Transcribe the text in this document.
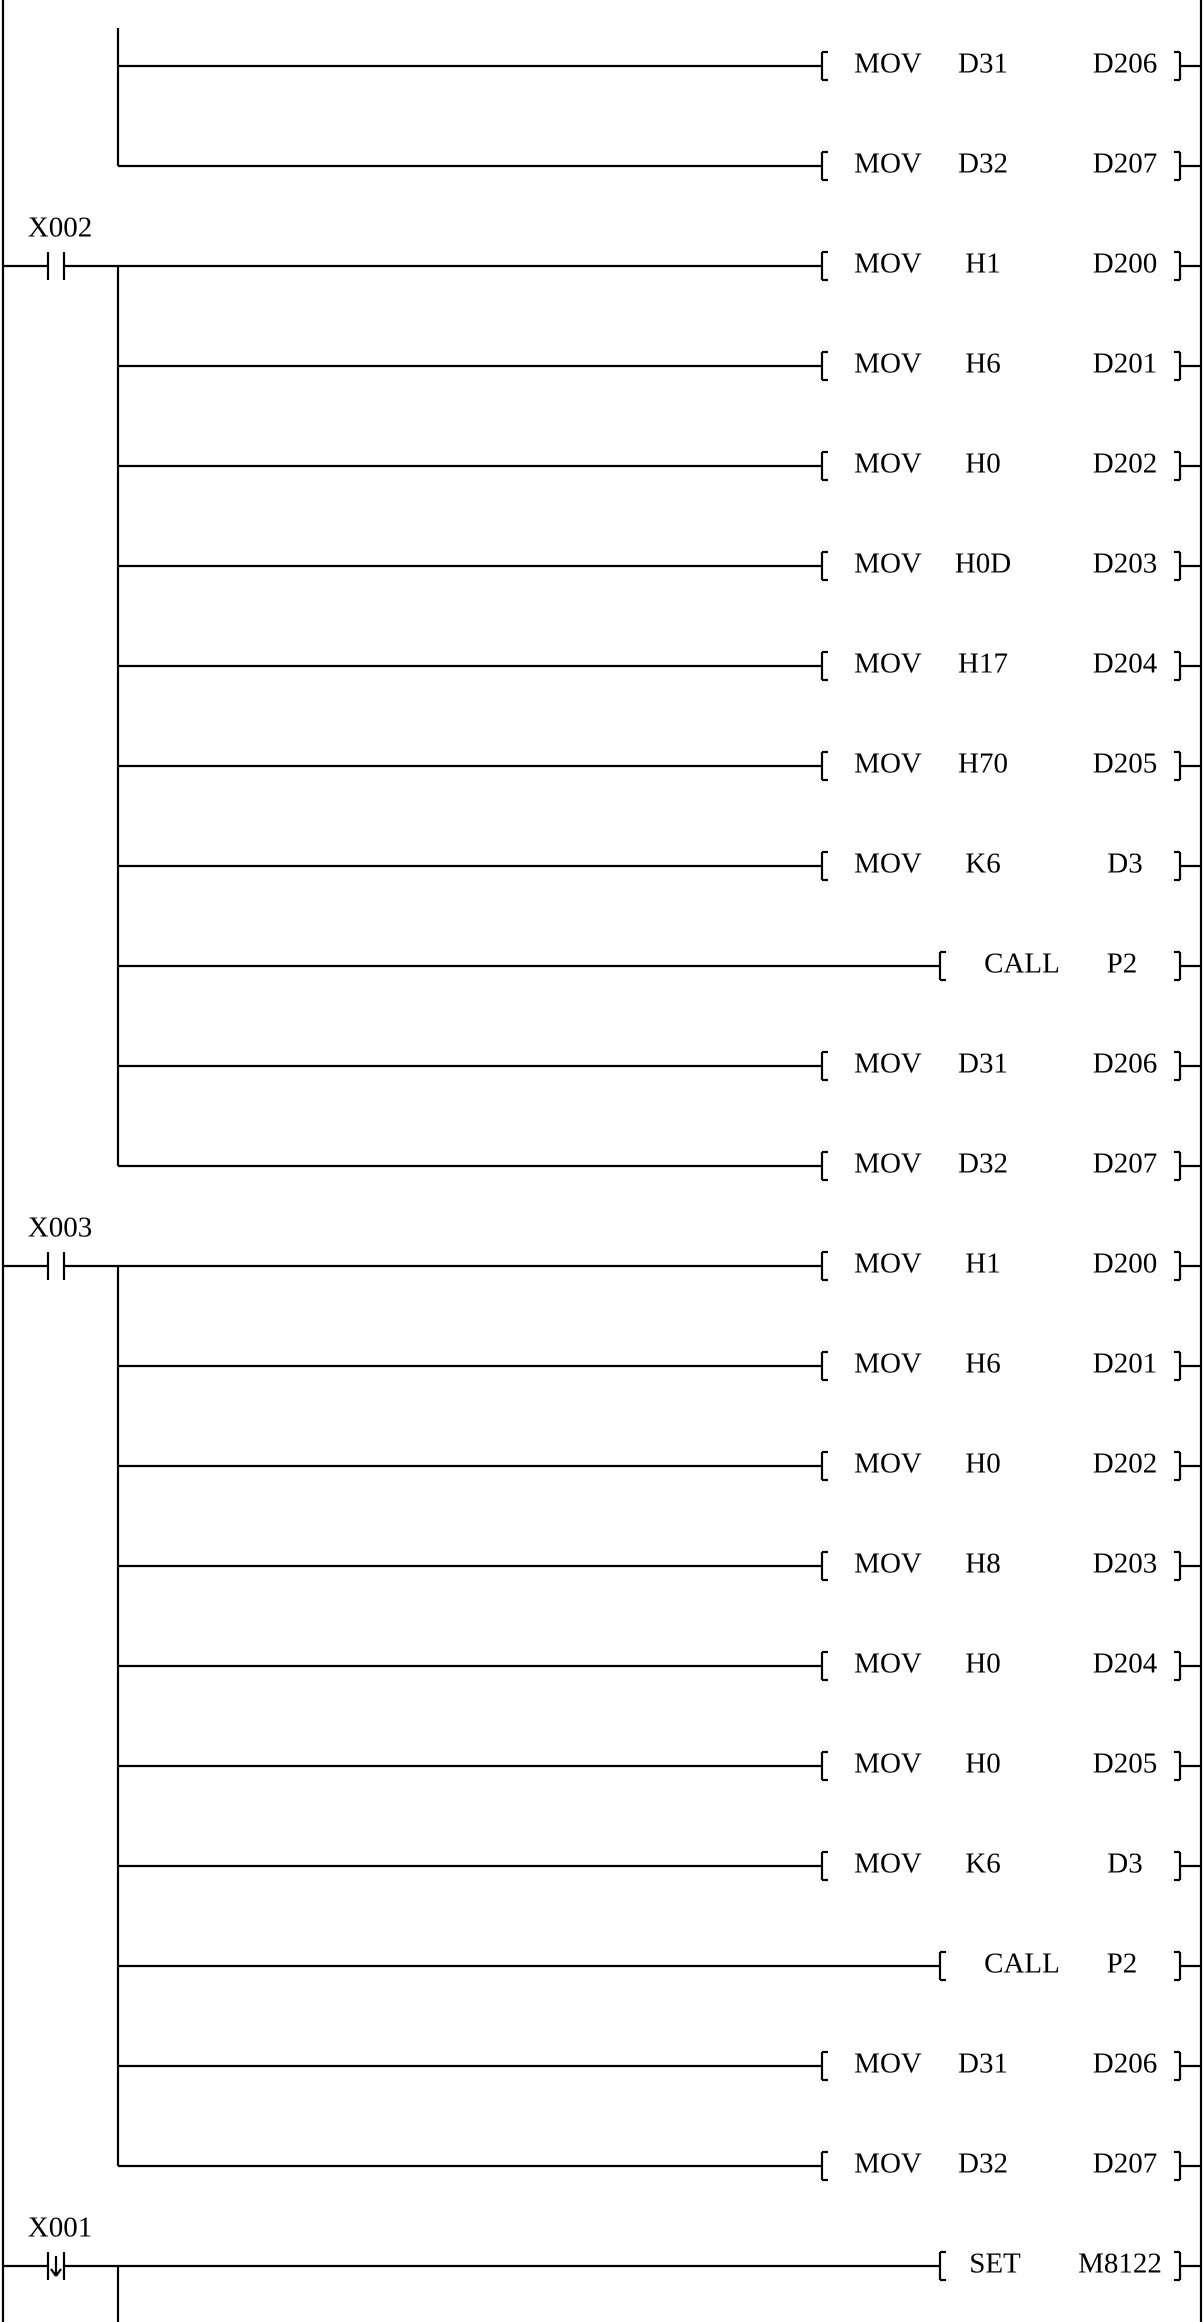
MOV D31	D206
MOV D32	D207
X002
MOV H1	D200
MOV H6	D201
MOV H0	D202
MOV H0D	D203
MOV H17	D204
MOV H70	D205
MOV K6	D3
CALL P2
MOV D31	D206
MOV D32	D207
X003
MOV H1	D200
MOV H6	D201
MOV H0	D202
MOV H8	D203
MOV H0	D204
MOV H0	D205
MOV K6	D3
CALL P2
MOV D31	D206
MOV D32	D207
X001
SET M8122
